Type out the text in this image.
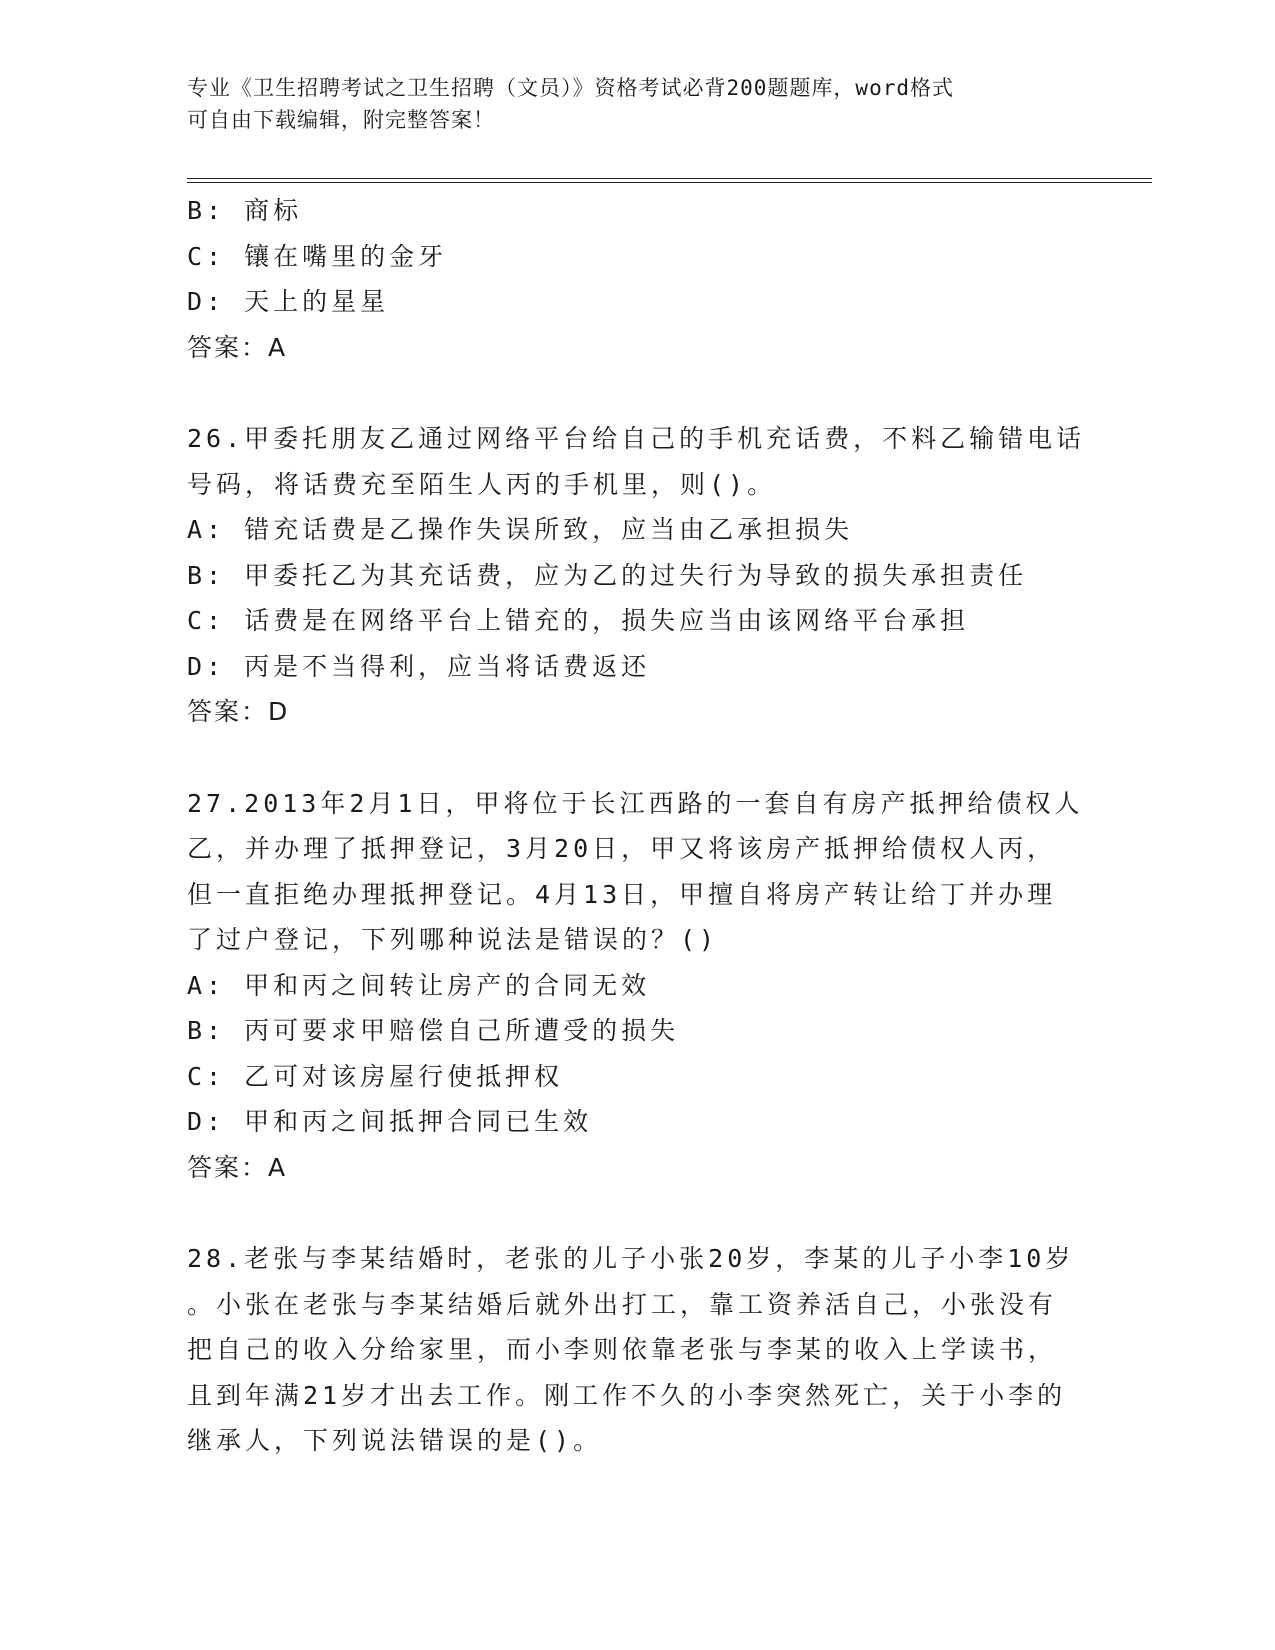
专业《卫生招聘考试之卫生招聘（文员）》资格考试必背200题题库，word格式
可自由下载编辑，附完整答案！
B: 商标
C: 镶在嘴里的金牙
D: 天上的星星
答案：A
26.甲委托朋友乙通过网络平台给自己的手机充话费，不料乙输错电话
号码，将话费充至陌生人丙的手机里，则()。
A: 错充话费是乙操作失误所致，应当由乙承担损失
B: 甲委托乙为其充话费，应为乙的过失行为导致的损失承担责任
C: 话费是在网络平台上错充的，损失应当由该网络平台承担
D: 丙是不当得利，应当将话费返还
答案：D
27.2013年2月1日，甲将位于长江西路的一套自有房产抵押给债权人
乙，并办理了抵押登记，3月20日，甲又将该房产抵押给债权人丙，
但一直拒绝办理抵押登记。4月13日，甲擅自将房产转让给丁并办理
了过户登记，下列哪种说法是错误的？()
A: 甲和丙之间转让房产的合同无效
B: 丙可要求甲赔偿自己所遭受的损失
C: 乙可对该房屋行使抵押权
D: 甲和丙之间抵押合同已生效
答案：A
28.老张与李某结婚时，老张的儿子小张20岁，李某的儿子小李10岁
。小张在老张与李某结婚后就外出打工，靠工资养活自己，小张没有
把自己的收入分给家里，而小李则依靠老张与李某的收入上学读书，
且到年满21岁才出去工作。刚工作不久的小李突然死亡，关于小李的
继承人，下列说法错误的是()。
